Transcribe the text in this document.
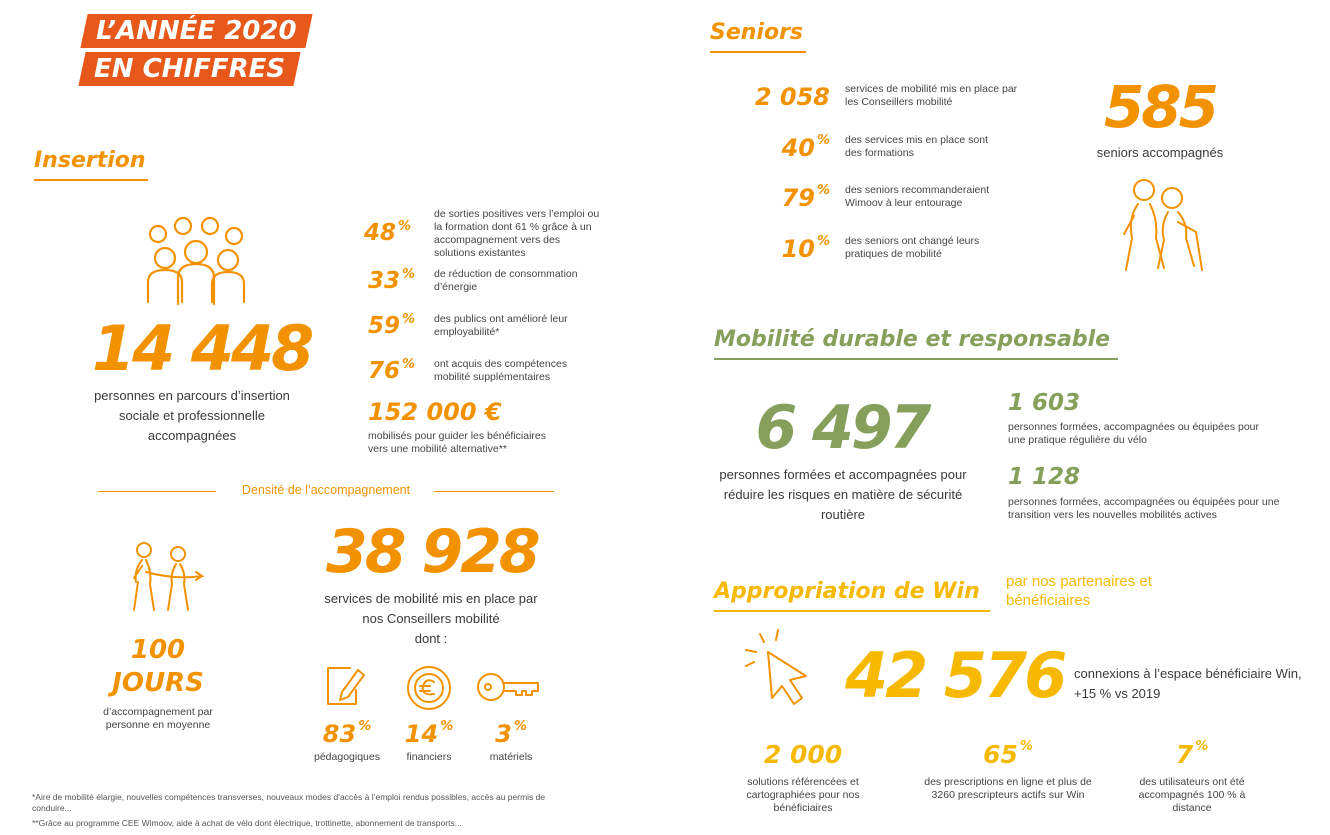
L’ANNÉE 2020
EN CHIFFRES
Insertion
14 448
personnes en parcours d’insertion sociale et professionnelle accompagnées
48 %
de sorties positives vers l’emploi ou la formation dont 61 % grâce à un accompagnement vers des solutions existantes
33 % de réduction de consommation d’énergie
59 % des publics ont amélioré leur employabilité*
76 % ont acquis des compétences mobilité supplémentaires
152 000 €
mobilisés pour guider les bénéficiaires vers une mobilité alternative**
Densité de l’accompagnement
100
JOURS
d’accompagnement par personne en moyenne
38 928
services de mobilité mis en place par nos Conseillers mobilité
dont :
83 %
pédagogiques
14 %
financiers
3 %
matériels
*Aire de mobilité élargie, nouvelles compétences transverses, nouveaux modes d’accès à l’emploi rendus possibles, accès au permis de conduire...
**Grâce au programme CEE Wimoov, aide à achat de vélo dont électrique, trottinette, abonnement de transports...
Seniors
2 058 services de mobilité mis en place par les Conseillers mobilité
40 % des services mis en place sont des formations
79 % des seniors recommanderaient Wimoov à leur entourage
10 % des seniors ont changé leurs pratiques de mobilité
585
seniors accompagnés
Mobilité durable et responsable
6 497
personnes formées et accompagnées pour réduire les risques en matière de sécurité routière
1 603
personnes formées, accompagnées ou équipées pour une pratique régulière du vélo
1 128
personnes formées, accompagnées ou équipées pour une transition vers les nouvelles mobilités actives
Appropriation de Win	par nos partenaires et bénéficiaires
42 576 connexions à l’espace bénéficiaire Win, +15 % vs 2019
2 000
solutions référencées et cartographiées pour nos bénéficiaires
65 %
des prescriptions en ligne et plus de 3260 prescripteurs actifs sur Win
7 %
des utilisateurs ont été accompagnés 100 % à distance
